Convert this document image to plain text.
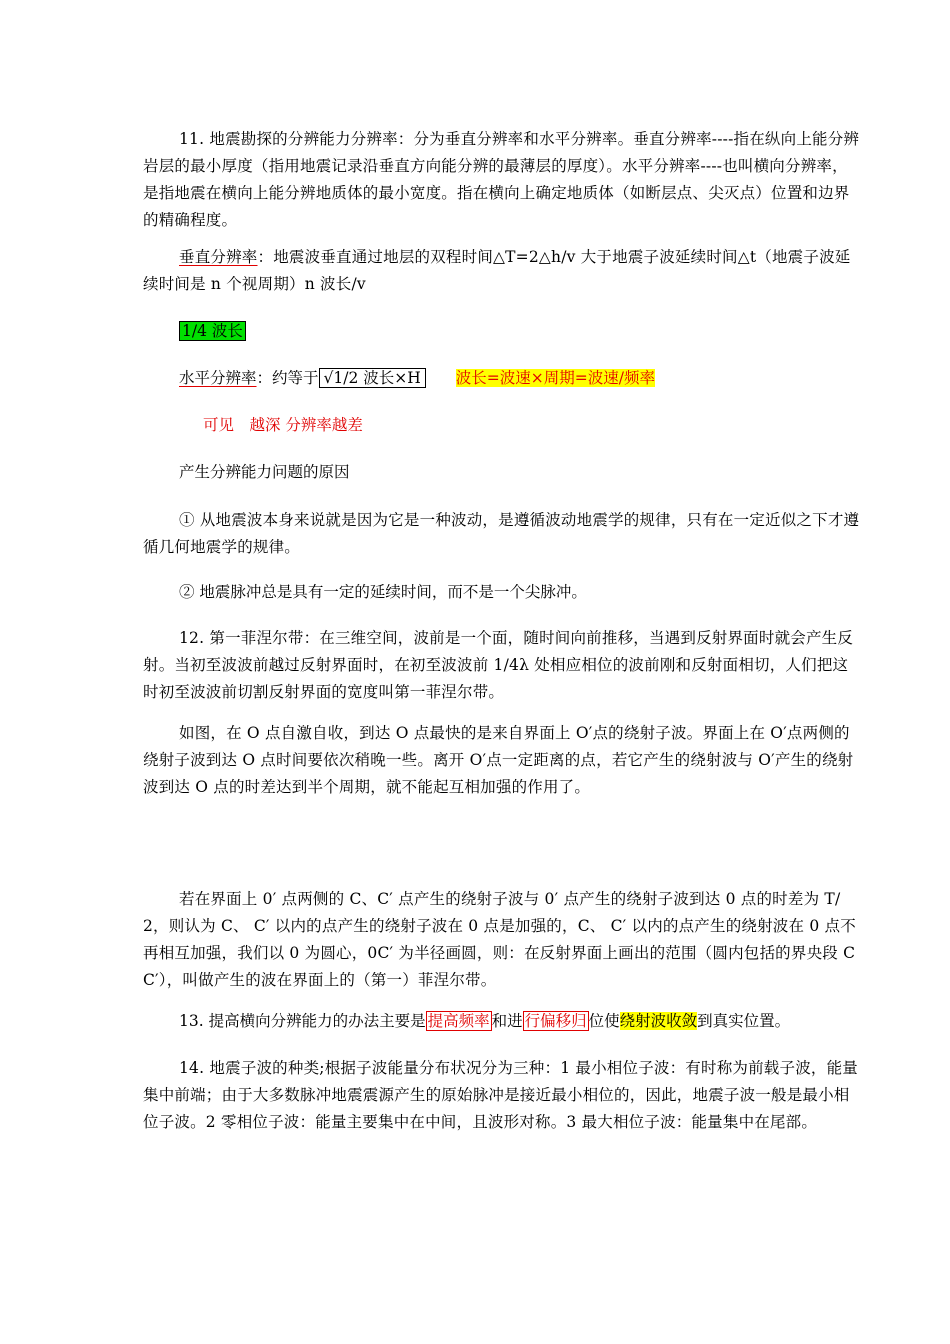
11. 地震勘探的分辨能力分辨率：分为垂直分辨率和水平分辨率。垂直分辨率----指在纵向上能分辨岩层的最小厚度（指用地震记录沿垂直方向能分辨的最薄层的厚度）。水平分辨率----也叫横向分辨率，是指地震在横向上能分辨地质体的最小宽度。指在横向上确定地质体（如断层点、尖灭点）位置和边界的精确程度。

垂直分辨率：地震波垂直通过地层的双程时间△T=2△h/v 大于地震子波延续时间△t（地震子波延续时间是 n 个视周期）n 波长/v

1/4 波长

水平分辨率：约等于 √1/2 波长×H 波长=波速×周期=波速/频率

可见　越深 分辨率越差

产生分辨能力问题的原因

① 从地震波本身来说就是因为它是一种波动，是遵循波动地震学的规律，只有在一定近似之下才遵循几何地震学的规律。

② 地震脉冲总是具有一定的延续时间，而不是一个尖脉冲。

12. 第一菲涅尔带：在三维空间，波前是一个面，随时间向前推移，当遇到反射界面时就会产生反射。当初至波波前越过反射界面时，在初至波波前 1/4λ 处相应相位的波前刚和反射面相切，人们把这时初至波波前切割反射界面的宽度叫第一菲涅尔带。

如图，在 O 点自激自收，到达 O 点最快的是来自界面上 O′点的绕射子波。界面上在 O′点两侧的绕射子波到达 O 点时间要依次稍晚一些。离开 O′点一定距离的点，若它产生的绕射波与 O′产生的绕射波到达 O 点的时差达到半个周期，就不能起互相加强的作用了。

若在界面上 0′ 点两侧的 C、C′ 点产生的绕射子波与 0′ 点产生的绕射子波到达 0 点的时差为 T/2，则认为 C、 C′ 以内的点产生的绕射子波在 0 点是加强的，C、 C′ 以内的点产生的绕射波在 0 点不再相互加强，我们以 0 为圆心，0C′ 为半径画圆，则：在反射界面上画出的范围（圆内包括的界央段 CC′），叫做产生的波在界面上的（第一）菲涅尔带。

13. 提高横向分辨能力的办法主要是 提高频率 和进 行偏移归 位使绕射波收敛到真实位置。

14. 地震子波的种类;根据子波能量分布状况分为三种：1 最小相位子波：有时称为前载子波，能量集中前端；由于大多数脉冲地震震源产生的原始脉冲是接近最小相位的，因此，地震子波一般是最小相位子波。2 零相位子波：能量主要集中在中间，且波形对称。3 最大相位子波：能量集中在尾部。
